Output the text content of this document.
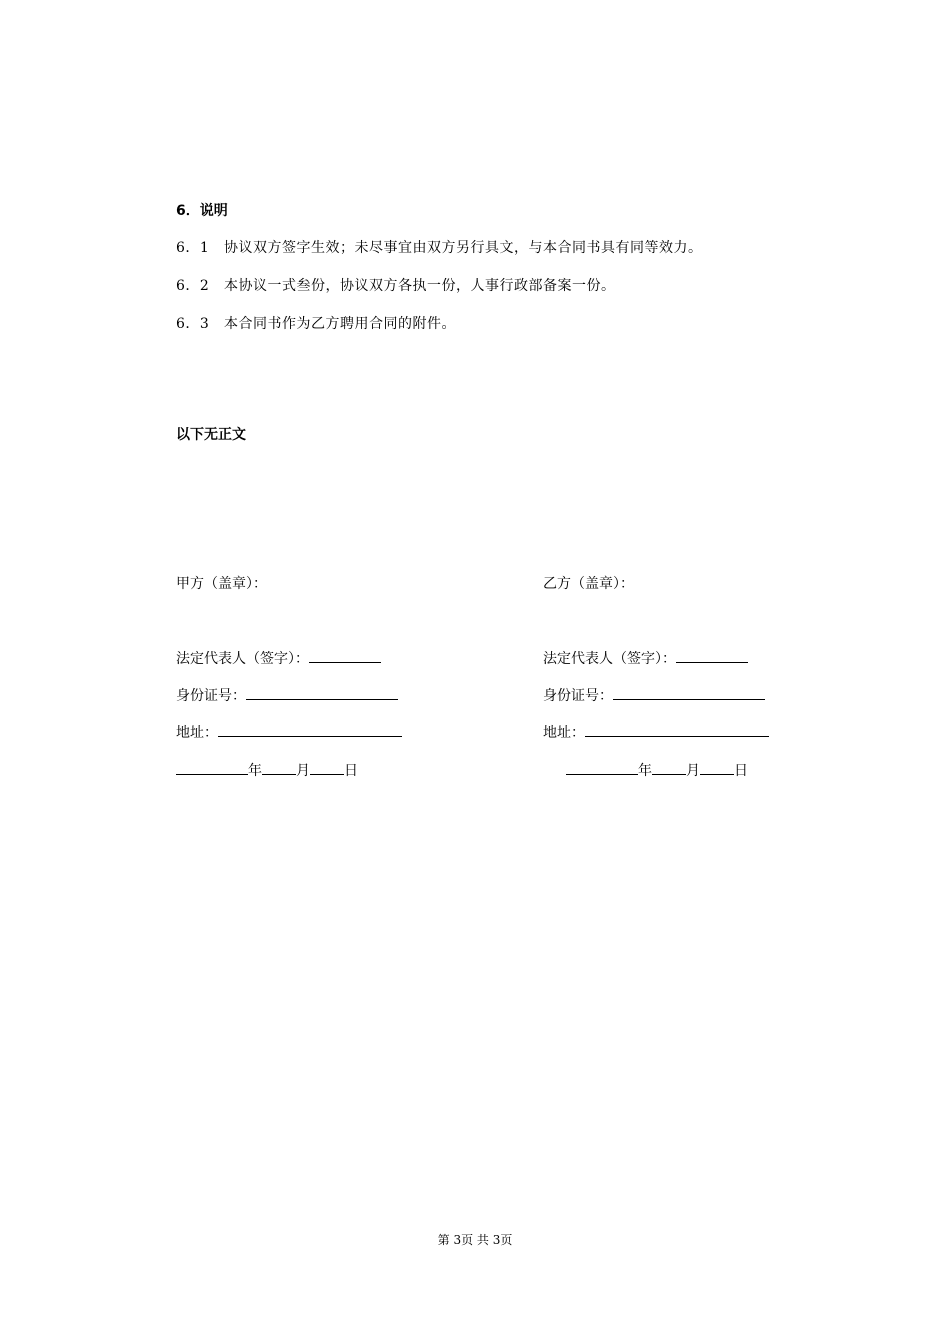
6．说明
6．1 协议双方签字生效；未尽事宜由双方另行具文，与本合同书具有同等效力。
6．2 本协议一式叁份，协议双方各执一份，人事行政部备案一份。
6．3 本合同书作为乙方聘用合同的附件。
以下无正文
甲方（盖章）：
法定代表人（签字）：
身份证号：
地址：
年 月 日
乙方（盖章）：
法定代表人（签字）：
身份证号：
地址：
年 月 日
第 3页 共 3页
